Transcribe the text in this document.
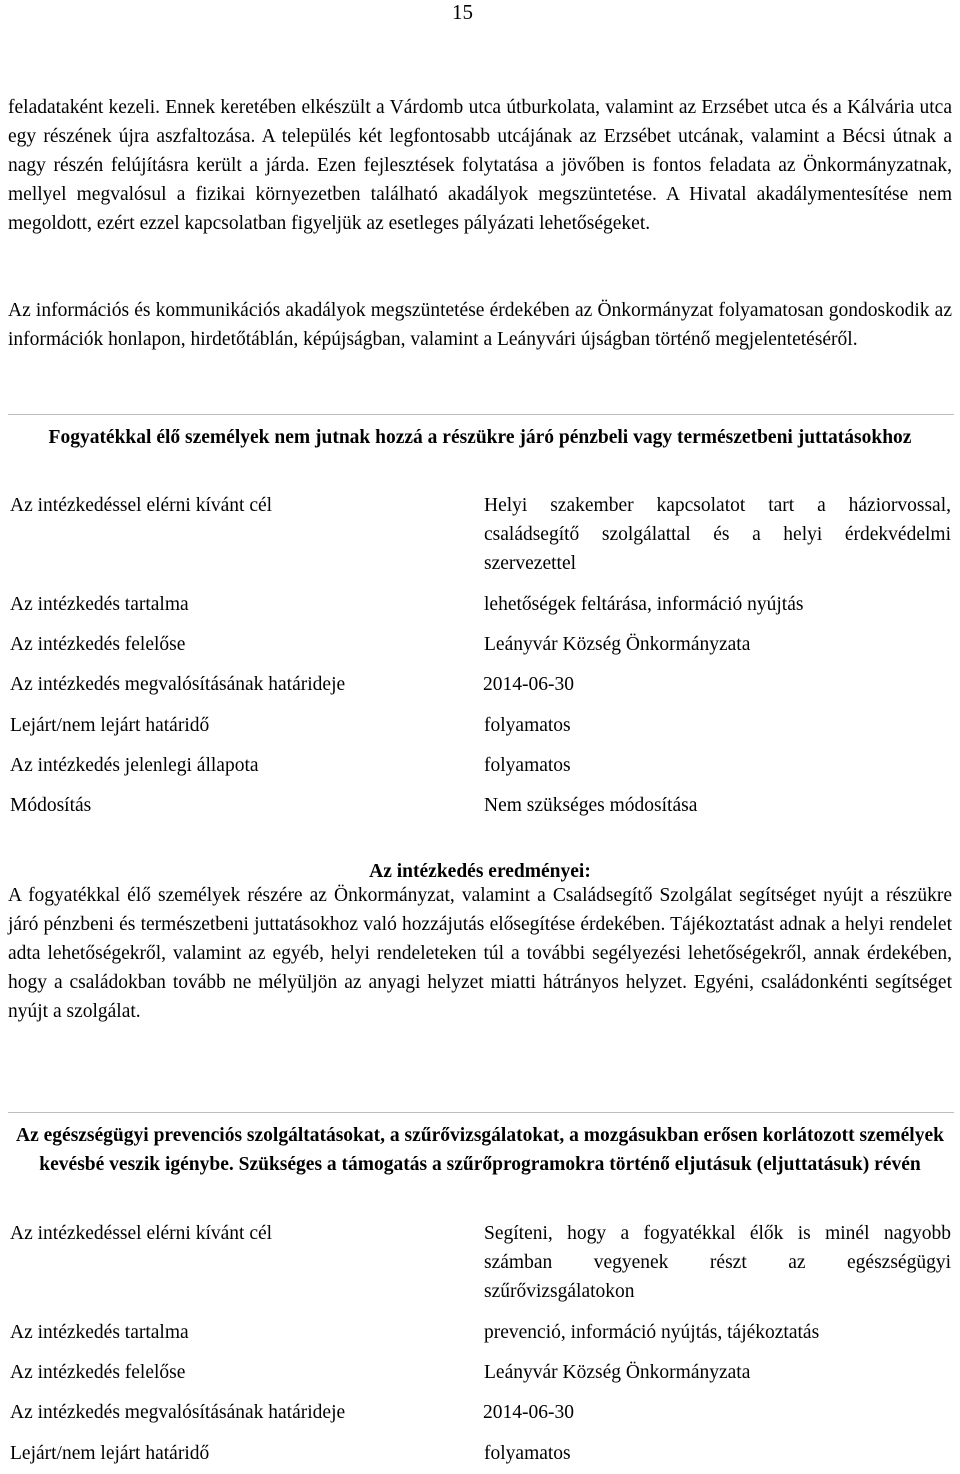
15

feladataként kezeli. Ennek keretében elkészült a Várdomb utca útburkolata, valamint az Erzsébet utca és a Kálvária utca egy részének újra aszfaltozása. A település két legfontosabb utcájának az Erzsébet utcának, valamint a Bécsi útnak a nagy részén felújításra került a járda. Ezen fejlesztések folytatása a jövőben is fontos feladata az Önkormányzatnak, mellyel megvalósul a fizikai környezetben található akadályok megszüntetése. A Hivatal akadálymentesítése nem megoldott, ezért ezzel kapcsolatban figyeljük az esetleges pályázati lehetőségeket.

Az információs és kommunikációs akadályok megszüntetése érdekében az Önkormányzat folyamatosan gondoskodik az információk honlapon, hirdetőtáblán, képújságban, valamint a Leányvári újságban történő megjelentetéséről.

Fogyatékkal élő személyek nem jutnak hozzá a részükre járó pénzbeli vagy természetbeni juttatásokhoz

Az intézkedéssel elérni kívánt cél	Helyi szakember kapcsolatot tart a háziorvossal, családsegítő szolgálattal és a helyi érdekvédelmi szervezettel
Az intézkedés tartalma	lehetőségek feltárása, információ nyújtás
Az intézkedés felelőse	Leányvár Község Önkormányzata
Az intézkedés megvalósításának határideje	2014-06-30
Lejárt/nem lejárt határidő	folyamatos
Az intézkedés jelenlegi állapota	folyamatos
Módosítás	Nem szükséges módosítása

Az intézkedés eredményei:

A fogyatékkal élő személyek részére az Önkormányzat, valamint a Családsegítő Szolgálat segítséget nyújt a részükre járó pénzbeni és természetbeni juttatásokhoz való hozzájutás elősegítése érdekében. Tájékoztatást adnak a helyi rendelet adta lehetőségekről, valamint az egyéb, helyi rendeleteken túl a további segélyezési lehetőségekről, annak érdekében, hogy a családokban tovább ne mélyüljön az anyagi helyzet miatti hátrányos helyzet. Egyéni, családonkénti segítséget nyújt a szolgálat.

Az egészségügyi prevenciós szolgáltatásokat, a szűrővizsgálatokat, a mozgásukban erősen korlátozott személyek kevésbé veszik igénybe. Szükséges a támogatás a szűrőprogramokra történő eljutásuk (eljuttatásuk) révén

Az intézkedéssel elérni kívánt cél	Segíteni, hogy a fogyatékkal élők is minél nagyobb számban vegyenek részt az egészségügyi szűrővizsgálatokon
Az intézkedés tartalma	prevenció, információ nyújtás, tájékoztatás
Az intézkedés felelőse	Leányvár Község Önkormányzata
Az intézkedés megvalósításának határideje	2014-06-30
Lejárt/nem lejárt határidő	folyamatos
